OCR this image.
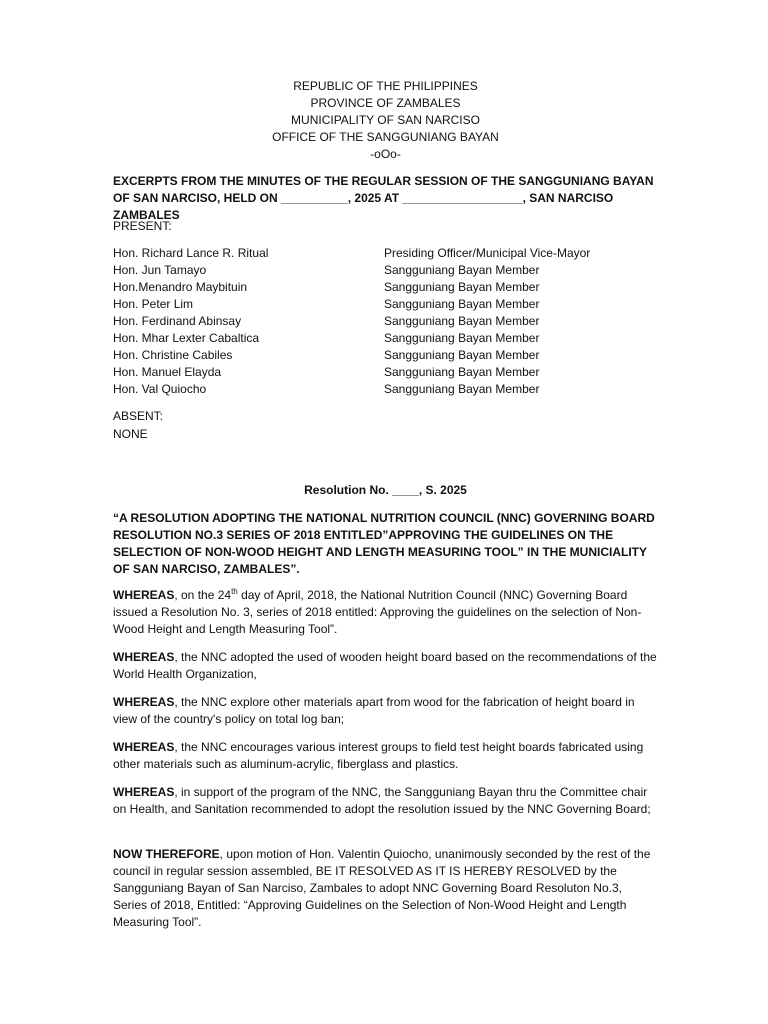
REPUBLIC OF THE PHILIPPINES
PROVINCE OF ZAMBALES
MUNICIPALITY OF SAN NARCISO
OFFICE OF THE SANGGUNIANG BAYAN
-oOo-

EXCERPTS FROM THE MINUTES OF THE REGULAR SESSION OF THE SANGGUNIANG BAYAN OF SAN NARCISO, HELD ON __________, 2025 AT __________________, SAN NARCISO ZAMBALES

PRESENT:

Hon. Richard Lance R. Ritual	Presiding Officer/Municipal Vice-Mayor
Hon. Jun Tamayo	Sangguniang Bayan Member
Hon.Menandro Maybituin	Sangguniang Bayan Member
Hon. Peter Lim	Sangguniang Bayan Member
Hon. Ferdinand Abinsay	Sangguniang Bayan Member
Hon. Mhar Lexter Cabaltica	Sangguniang Bayan Member
Hon. Christine Cabiles	Sangguniang Bayan Member
Hon. Manuel Elayda	Sangguniang Bayan Member
Hon. Val Quiocho	Sangguniang Bayan Member

ABSENT:

NONE

Resolution No. ____, S. 2025

“A RESOLUTION ADOPTING THE NATIONAL NUTRITION COUNCIL (NNC) GOVERNING BOARD RESOLUTION NO.3 SERIES OF 2018 ENTITLED”APPROVING THE GUIDELINES ON THE SELECTION OF NON-WOOD HEIGHT AND LENGTH MEASURING TOOL” IN THE MUNICIALITY OF SAN NARCISO, ZAMBALES”.

WHEREAS, on the 24th day of April, 2018, the National Nutrition Council (NNC) Governing Board issued a Resolution No. 3, series of 2018 entitled: Approving the guidelines on the selection of Non-Wood Height and Length Measuring Tool”.

WHEREAS, the NNC adopted the used of wooden height board based on the recommendations of the World Health Organization,

WHEREAS, the NNC explore other materials apart from wood for the fabrication of height board in view of the country's policy on total log ban;

WHEREAS, the NNC encourages various interest groups to field test height boards fabricated using other materials such as aluminum-acrylic, fiberglass and plastics.

WHEREAS, in support of the program of the NNC, the Sangguniang Bayan thru the Committee chair on Health, and Sanitation recommended to adopt the resolution issued by the NNC Governing Board;

NOW THEREFORE, upon motion of Hon. Valentin Quiocho, unanimously seconded by the rest of the council in regular session assembled, BE IT RESOLVED AS IT IS HEREBY RESOLVED by the Sangguniang Bayan of San Narciso, Zambales to adopt NNC Governing Board Resoluton No.3, Series of 2018, Entitled: “Approving Guidelines on the Selection of Non-Wood Height and Length Measuring Tool”.
